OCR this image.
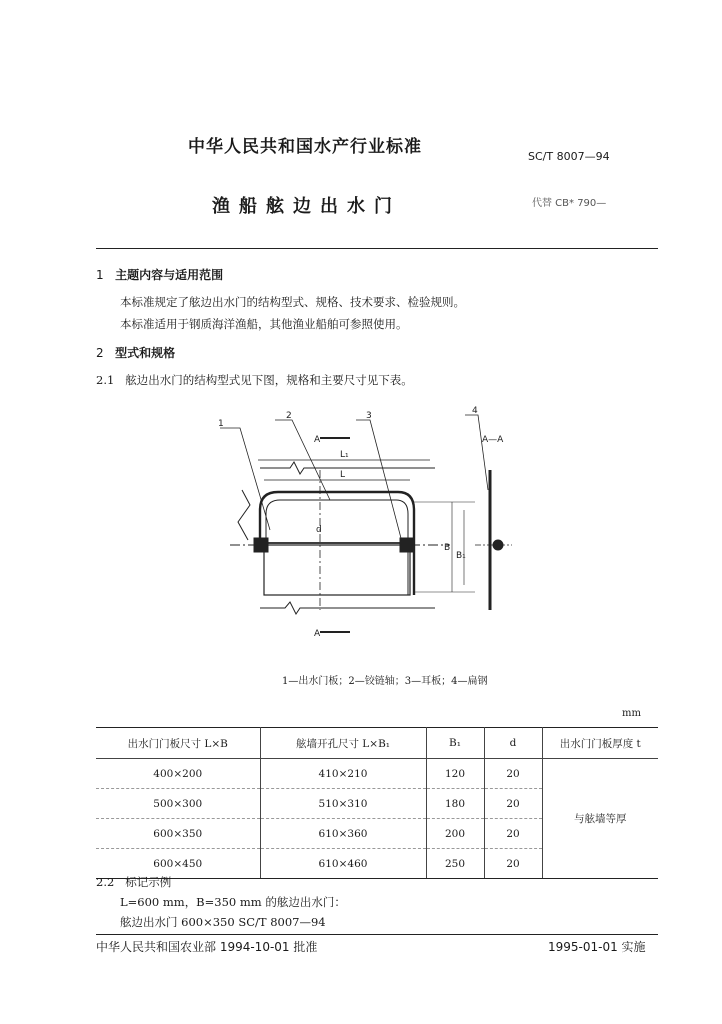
中华人民共和国水产行业标准	SC/T 8007—94
渔船舷边出水门	代替 CB* 790—
1 主题内容与适用范围
本标准规定了舷边出水门的结构型式、规格、技术要求、检验规则。
本标准适用于钢质海洋渔船，其他渔业船舶可参照使用。
2 型式和规格
2.1 舷边出水门的结构型式见下图，规格和主要尺寸见下表。
2	3
1
4
A—A
A
A
L₁
L
d
B
B₁
1—出水门板；2—铰链轴；3—耳板；4—扁钢
mm
出水门门板尺寸 L×B	舷墙开孔尺寸 L×B₁	B₁	d	出水门门板厚度 t
400×200	410×210	120	20	与舷墙等厚
500×300	510×310	180	20	
600×350	610×360	200	20	
600×450	610×460	250	20	
2.2 标记示例
L=600 mm，B=350 mm 的舷边出水门：
舷边出水门 600×350 SC/T 8007—94
中华人民共和国农业部 1994-10-01 批准	1995-01-01 实施
